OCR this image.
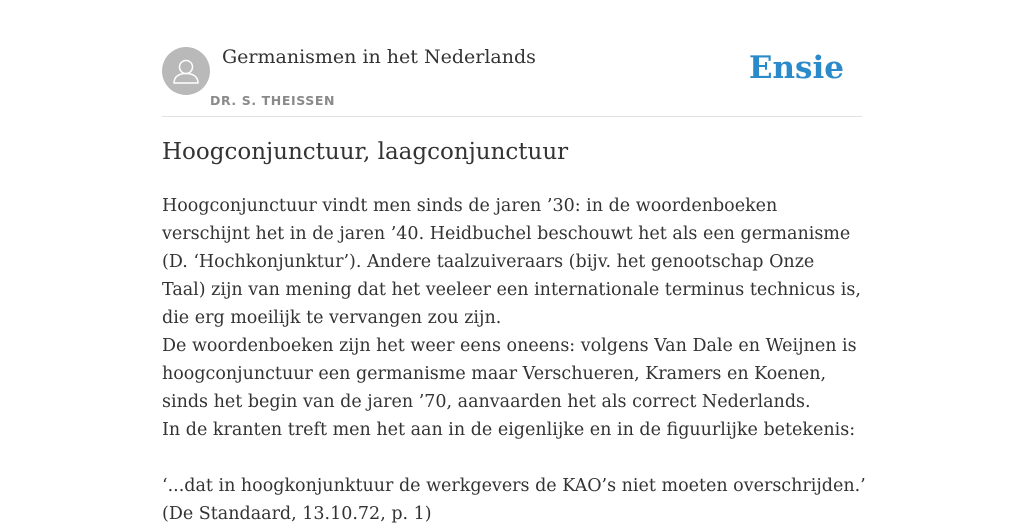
Germanismen in het Nederlands
DR. S. THEISSEN
Ensie
Hoogconjunctuur, laagconjunctuur

Hoogconjunctuur vindt men sinds de jaren ’30: in de woordenboeken verschijnt het in de jaren ’40. Heidbuchel beschouwt het als een germanisme (D. ‘Hochkonjunktur’). Andere taalzuiveraars (bijv. het genootschap Onze Taal) zijn van mening dat het veeleer een internationale terminus technicus is, die erg moeilijk te vervangen zou zijn.

De woordenboeken zijn het weer eens oneens: volgens Van Dale en Weijnen is hoogconjunctuur een germanisme maar Verschueren, Kramers en Koenen, sinds het begin van de jaren ’70, aanvaarden het als correct Nederlands.

In de kranten treft men het aan in de eigenlijke en in de figuurlijke betekenis:

‘...dat in hoogkonjunktuur de werkgevers de KAO’s niet moeten overschrijden.’

(De Standaard, 13.10.72, p. 1)
